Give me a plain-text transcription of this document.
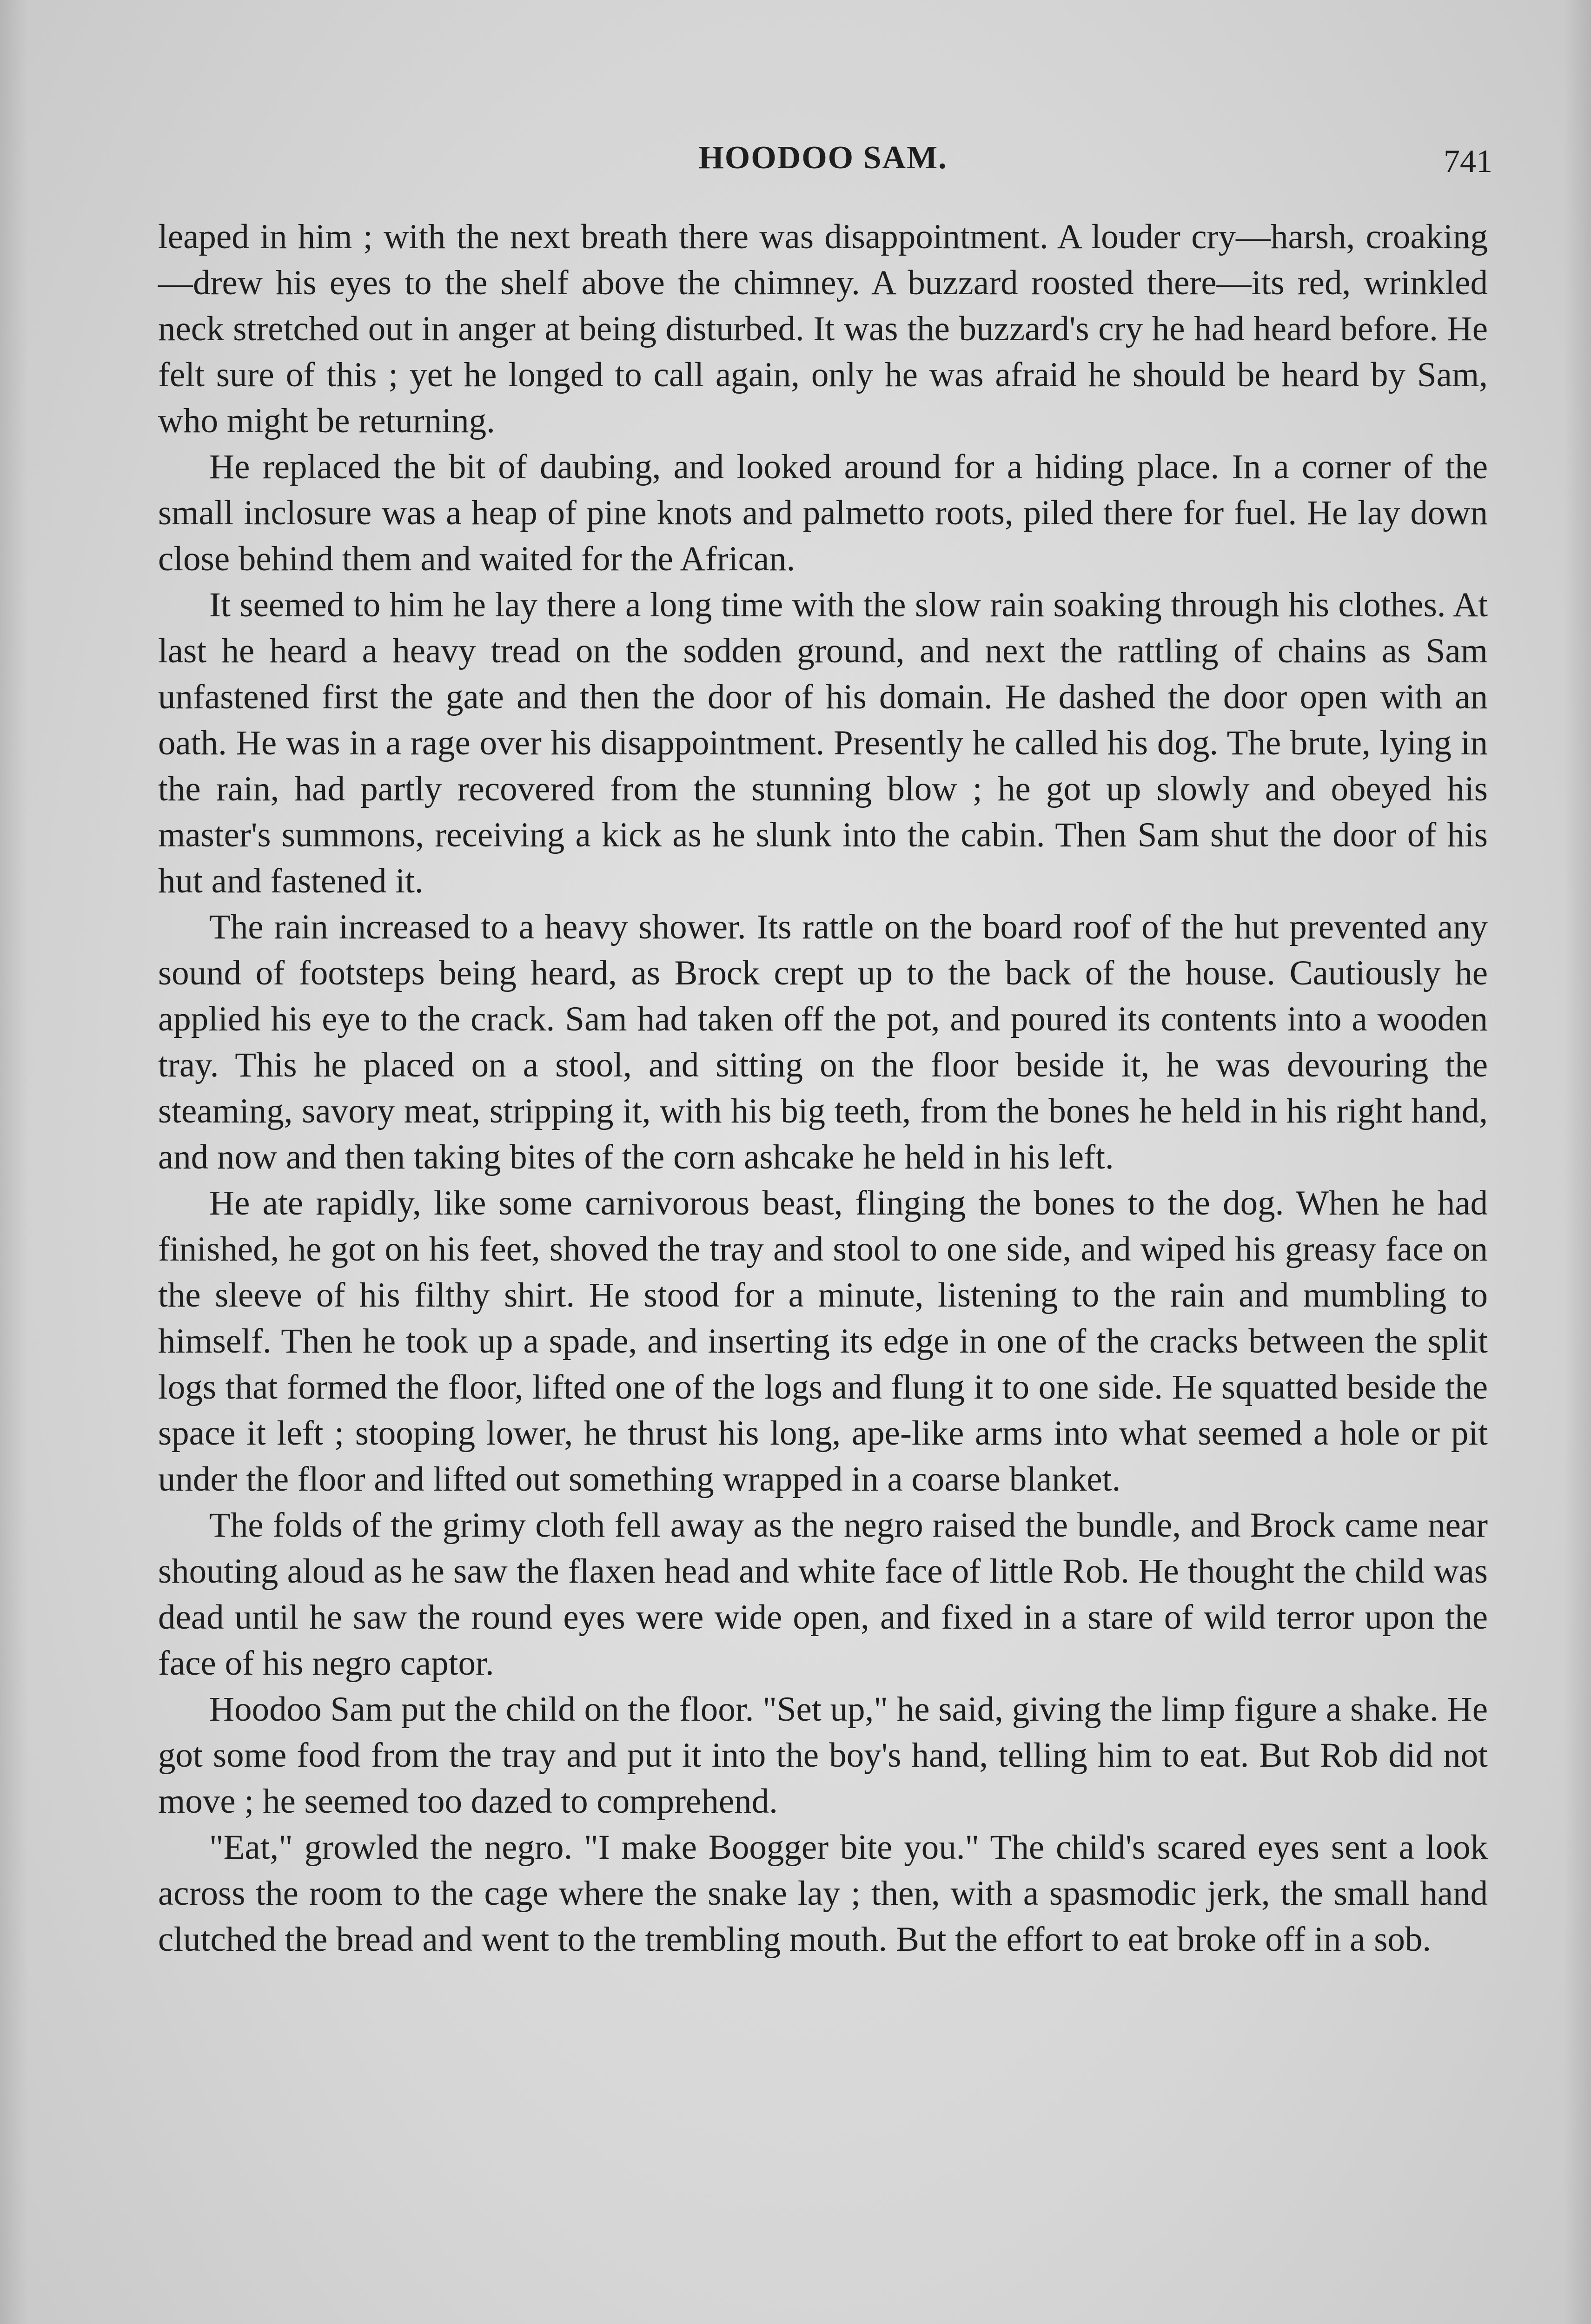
HOODOO SAM.	741

leaped in him ; with the next breath there was disappointment. A louder cry—harsh, croaking—drew his eyes to the shelf above the chimney. A buzzard roosted there—its red, wrinkled neck stretched out in anger at being disturbed. It was the buzzard's cry he had heard before. He felt sure of this ; yet he longed to call again, only he was afraid he should be heard by Sam, who might be returning.

He replaced the bit of daubing, and looked around for a hiding place. In a corner of the small inclosure was a heap of pine knots and palmetto roots, piled there for fuel. He lay down close behind them and waited for the African.

It seemed to him he lay there a long time with the slow rain soaking through his clothes. At last he heard a heavy tread on the sodden ground, and next the rattling of chains as Sam unfastened first the gate and then the door of his domain. He dashed the door open with an oath. He was in a rage over his disappointment. Presently he called his dog. The brute, lying in the rain, had partly recovered from the stunning blow ; he got up slowly and obeyed his master's summons, receiving a kick as he slunk into the cabin. Then Sam shut the door of his hut and fastened it.

The rain increased to a heavy shower. Its rattle on the board roof of the hut prevented any sound of footsteps being heard, as Brock crept up to the back of the house. Cautiously he applied his eye to the crack. Sam had taken off the pot, and poured its contents into a wooden tray. This he placed on a stool, and sitting on the floor beside it, he was devouring the steaming, savory meat, stripping it, with his big teeth, from the bones he held in his right hand, and now and then taking bites of the corn ashcake he held in his left.

He ate rapidly, like some carnivorous beast, flinging the bones to the dog. When he had finished, he got on his feet, shoved the tray and stool to one side, and wiped his greasy face on the sleeve of his filthy shirt. He stood for a minute, listening to the rain and mumbling to himself. Then he took up a spade, and inserting its edge in one of the cracks between the split logs that formed the floor, lifted one of the logs and flung it to one side. He squatted beside the space it left ; stooping lower, he thrust his long, ape-like arms into what seemed a hole or pit under the floor and lifted out something wrapped in a coarse blanket.

The folds of the grimy cloth fell away as the negro raised the bundle, and Brock came near shouting aloud as he saw the flaxen head and white face of little Rob. He thought the child was dead until he saw the round eyes were wide open, and fixed in a stare of wild terror upon the face of his negro captor.

Hoodoo Sam put the child on the floor. "Set up," he said, giving the limp figure a shake. He got some food from the tray and put it into the boy's hand, telling him to eat. But Rob did not move ; he seemed too dazed to comprehend.

"Eat," growled the negro. "I make Boogger bite you." The child's scared eyes sent a look across the room to the cage where the snake lay ; then, with a spasmodic jerk, the small hand clutched the bread and went to the trembling mouth. But the effort to eat broke off in a sob.
